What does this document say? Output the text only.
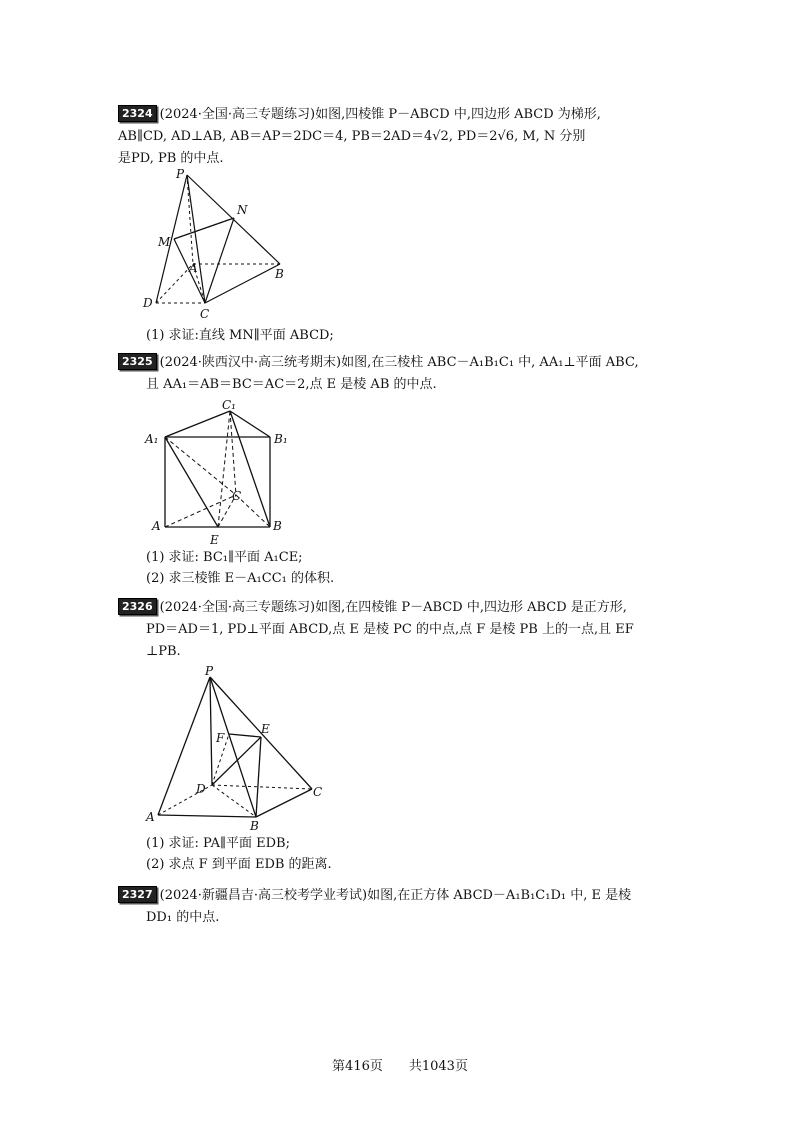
2324 (2024·全国·高三专题练习)如图,四棱锥 P－ABCD 中,四边形 ABCD 为梯形,
AB∥CD, AD⊥AB, AB＝AP＝2DC＝4, PB＝2AD＝4√2, PD＝2√6, M, N 分别
是PD, PB 的中点.
P
N
M
A	B
D
C
(1) 求证:直线 MN∥平面 ABCD;
2325 (2024·陕西汉中·高三统考期末)如图,在三棱柱 ABC－A₁B₁C₁ 中, AA₁⊥平面 ABC,
且 AA₁＝AB＝BC＝AC＝2,点 E 是棱 AB 的中点.
C₁
A₁	B₁
C
A
E
B
(1) 求证: BC₁∥平面 A₁CE;
(2) 求三棱锥 E－A₁CC₁ 的体积.
2326 (2024·全国·高三专题练习)如图,在四棱锥 P－ABCD 中,四边形 ABCD 是正方形,
PD＝AD＝1, PD⊥平面 ABCD,点 E 是棱 PC 的中点,点 F 是棱 PB 上的一点,且 EF
⊥PB.
P
E
F
D	C
A
B
(1) 求证: PA∥平面 EDB;
(2) 求点 F 到平面 EDB 的距离.
2327 (2024·新疆昌吉·高三校考学业考试)如图,在正方体 ABCD－A₁B₁C₁D₁ 中, E 是棱
DD₁ 的中点.
第416页　　共1043页
